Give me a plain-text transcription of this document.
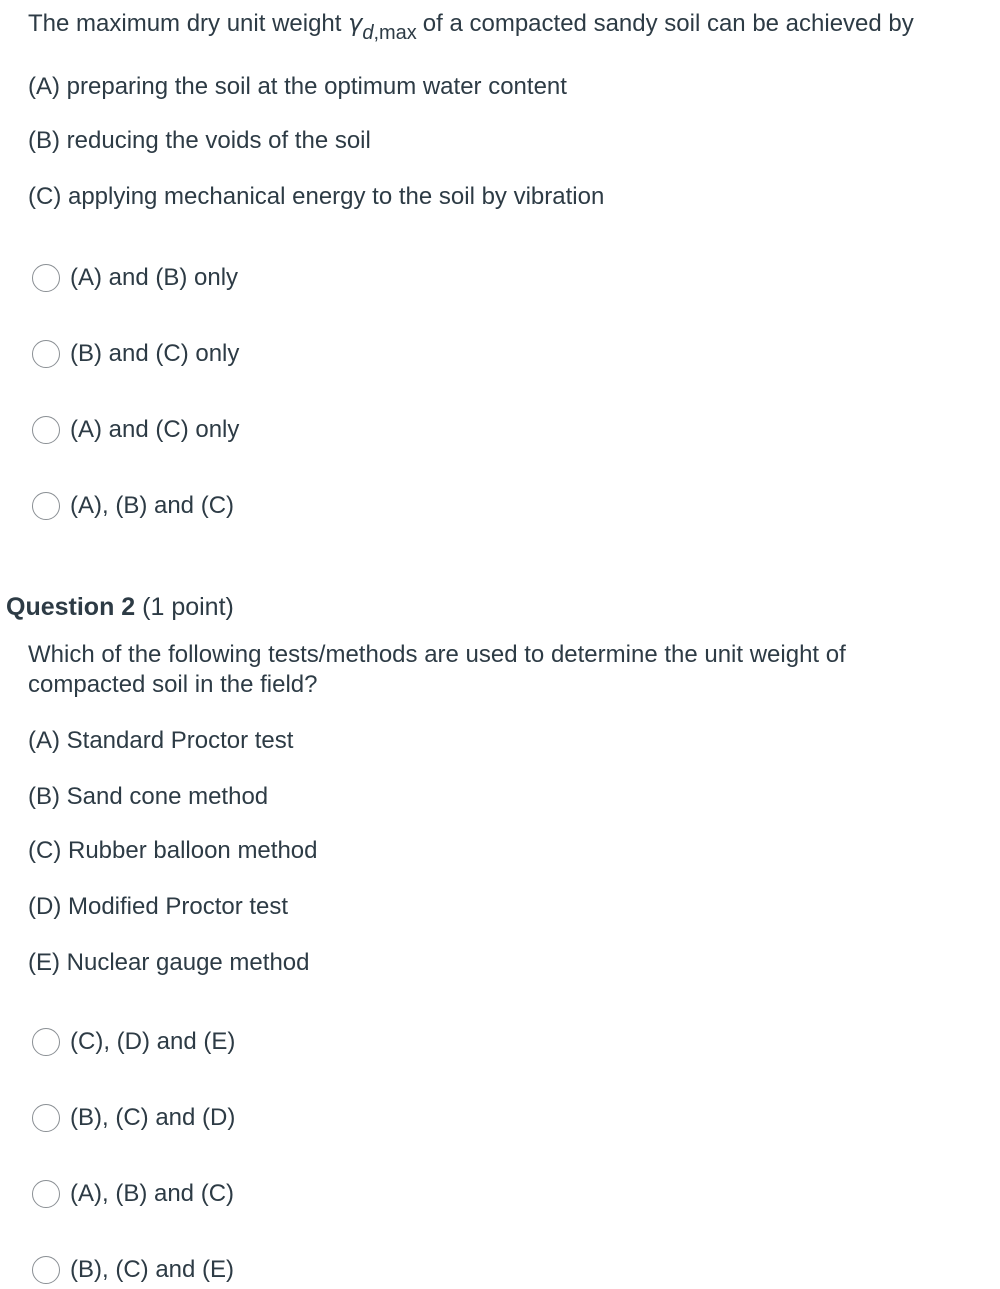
The maximum dry unit weight $\gamma_{d,max}$ of a compacted sandy soil can be achieved by
(A) preparing the soil at the optimum water content
(B) reducing the voids of the soil
(C) applying mechanical energy to the soil by vibration
(A) and (B) only
(B) and (C) only
(A) and (C) only
(A), (B) and (C)
Question 2 (1 point)
Which of the following tests/methods are used to determine the unit weight of compacted soil in the field?
(A) Standard Proctor test
(B) Sand cone method
(C) Rubber balloon method
(D) Modified Proctor test
(E) Nuclear gauge method
(C), (D) and (E)
(B), (C) and (D)
(A), (B) and (C)
(B), (C) and (E)
